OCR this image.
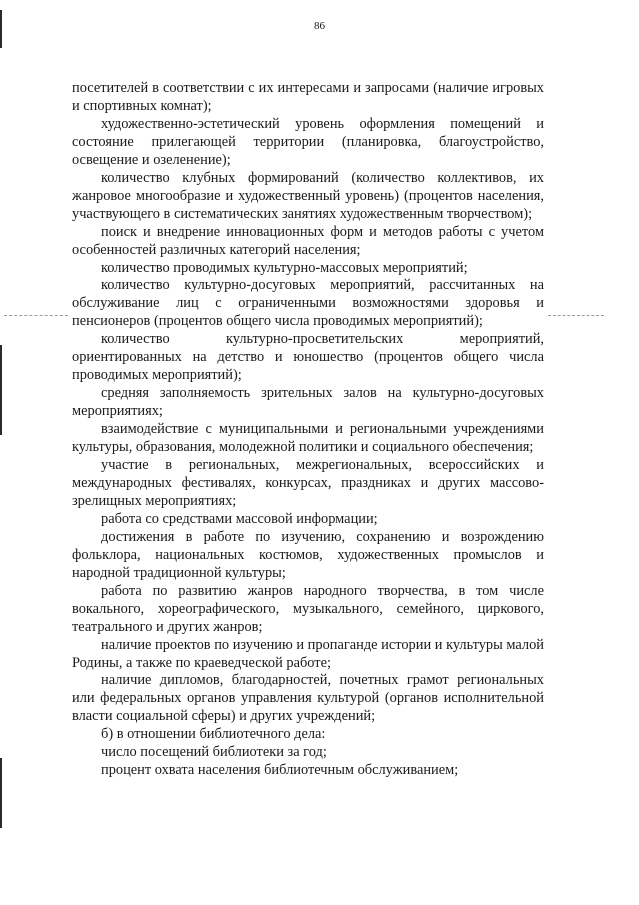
86

посетителей в соответствии с их интересами и запросами (наличие игровых и спортивных комнат);

художественно-эстетический уровень оформления помещений и состояние прилегающей территории (планировка, благоустройство, освещение и озеленение);

количество клубных формирований (количество коллективов, их жанровое многообразие и художественный уровень) (процентов населения, участвующего в систематических занятиях художественным творчеством);

поиск и внедрение инновационных форм и методов работы с учетом особенностей различных категорий населения;

количество проводимых культурно-массовых мероприятий;

количество культурно-досуговых мероприятий, рассчитанных на обслуживание лиц с ограниченными возможностями здоровья и пенсионеров (процентов общего числа проводимых мероприятий);

количество культурно-просветительских мероприятий, ориентированных на детство и юношество (процентов общего числа проводимых мероприятий);

средняя заполняемость зрительных залов на культурно-досуговых мероприятиях;

взаимодействие с муниципальными и региональными учреждениями культуры, образования, молодежной политики и социального обеспечения;

участие в региональных, межрегиональных, всероссийских и международных фестивалях, конкурсах, праздниках и других массово-зрелищных мероприятиях;

работа со средствами массовой информации;

достижения в работе по изучению, сохранению и возрождению фольклора, национальных костюмов, художественных промыслов и народной традиционной культуры;

работа по развитию жанров народного творчества, в том числе вокального, хореографического, музыкального, семейного, циркового, театрального и других жанров;

наличие проектов по изучению и пропаганде истории и культуры малой Родины, а также по краеведческой работе;

наличие дипломов, благодарностей, почетных грамот региональных или федеральных органов управления культурой (органов исполнительной власти социальной сферы) и других учреждений;

б) в отношении библиотечного дела:

число посещений библиотеки за год;

процент охвата населения библиотечным обслуживанием;
